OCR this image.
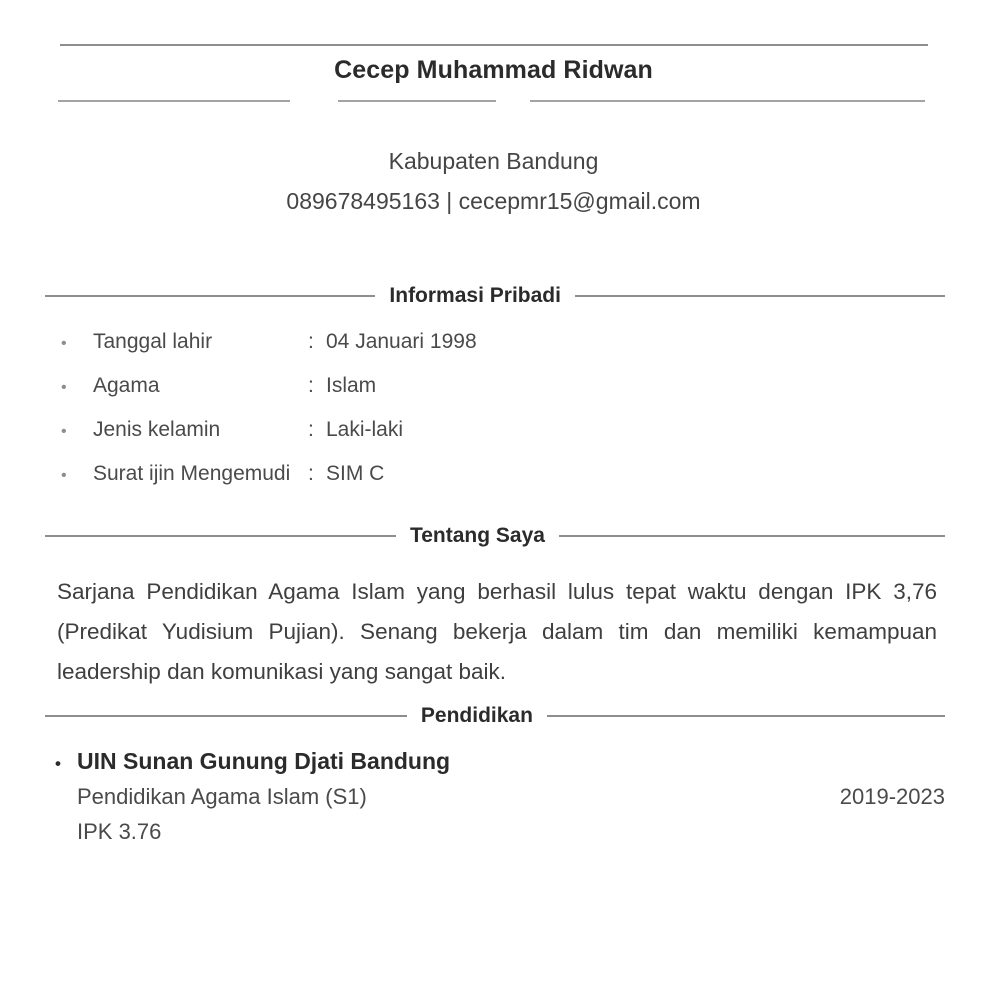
Cecep Muhammad Ridwan
Kabupaten Bandung
089678495163 | cecepmr15@gmail.com
Informasi Pribadi
•	Tanggal lahir	: 04 Januari 1998
•	Agama	: Islam
•	Jenis kelamin	: Laki-laki
•	Surat ijin Mengemudi : SIM C
Tentang Saya
Sarjana Pendidikan Agama Islam yang berhasil lulus tepat waktu dengan IPK 3,76 (Predikat Yudisium Pujian). Senang bekerja dalam tim dan memiliki kemampuan leadership dan komunikasi yang sangat baik.
Pendidikan
• UIN Sunan Gunung Djati Bandung
Pendidikan Agama Islam (S1)	2019-2023
IPK 3.76
